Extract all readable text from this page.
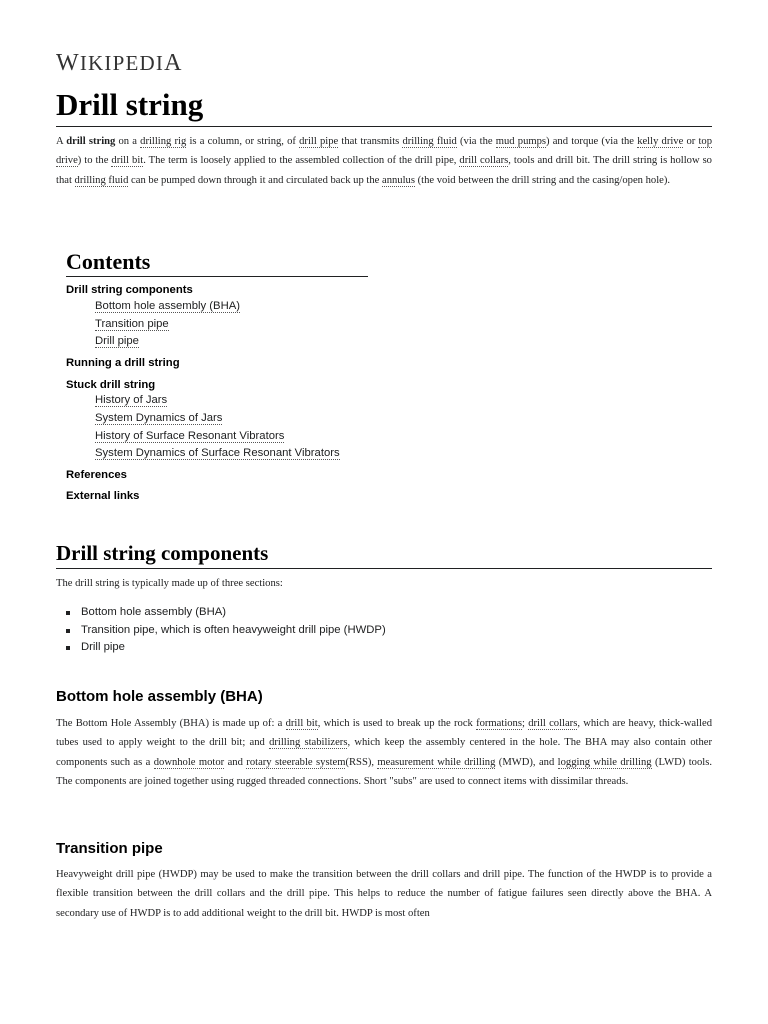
WIKIPEDIA
Drill string

A drill string on a drilling rig is a column, or string, of drill pipe that transmits drilling fluid (via the mud pumps) and torque (via the kelly drive or top drive) to the drill bit. The term is loosely applied to the assembled collection of the drill pipe, drill collars, tools and drill bit. The drill string is hollow so that drilling fluid can be pumped down through it and circulated back up the annulus (the void between the drill string and the casing/open hole).

Contents
Drill string components
Bottom hole assembly (BHA)
Transition pipe
Drill pipe
Running a drill string
Stuck drill string
History of Jars
System Dynamics of Jars
History of Surface Resonant Vibrators
System Dynamics of Surface Resonant Vibrators
References
External links
Drill string components

The drill string is typically made up of three sections:

Bottom hole assembly (BHA)
Transition pipe, which is often heavyweight drill pipe (HWDP)
Drill pipe
Bottom hole assembly (BHA)

The Bottom Hole Assembly (BHA) is made up of: a drill bit, which is used to break up the rock formations; drill collars, which are heavy, thick-walled tubes used to apply weight to the drill bit; and drilling stabilizers, which keep the assembly centered in the hole. The BHA may also contain other components such as a downhole motor and rotary steerable system(RSS), measurement while drilling (MWD), and logging while drilling (LWD) tools. The components are joined together using rugged threaded connections. Short "subs" are used to connect items with dissimilar threads.

Transition pipe

Heavyweight drill pipe (HWDP) may be used to make the transition between the drill collars and drill pipe. The function of the HWDP is to provide a flexible transition between the drill collars and the drill pipe. This helps to reduce the number of fatigue failures seen directly above the BHA. A secondary use of HWDP is to add additional weight to the drill bit. HWDP is most often
